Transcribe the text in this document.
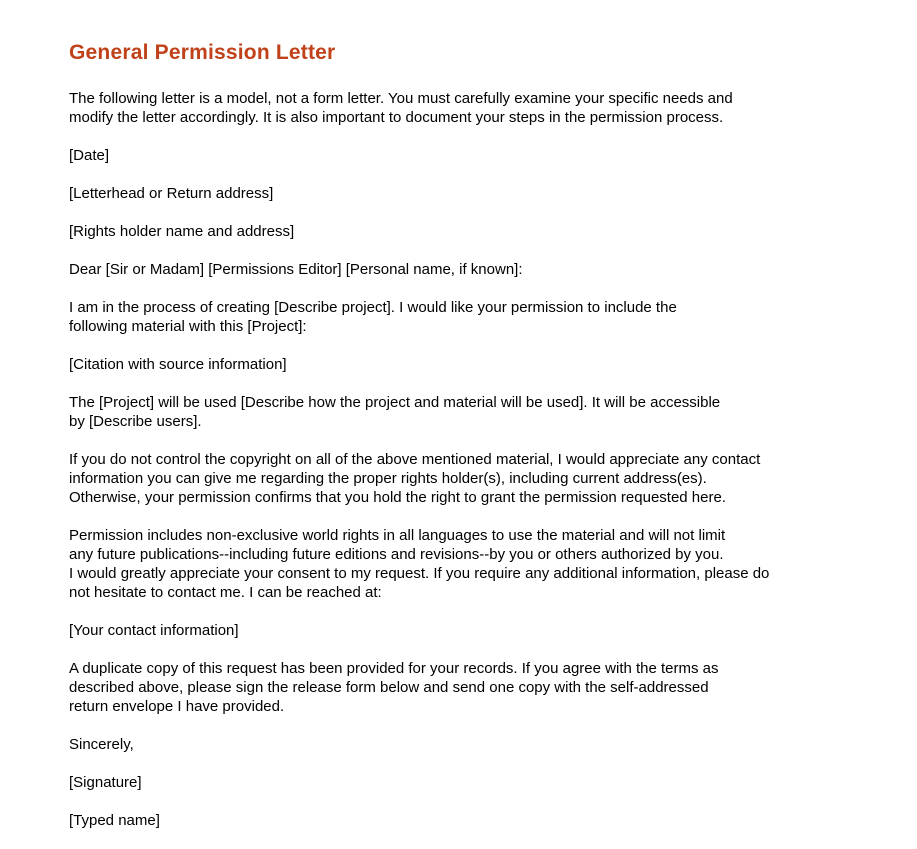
General Permission Letter
The following letter is a model, not a form letter. You must carefully examine your specific needs and
modify the letter accordingly. It is also important to document your steps in the permission process.
[Date]
[Letterhead or Return address]
[Rights holder name and address]
Dear [Sir or Madam] [Permissions Editor] [Personal name, if known]:
I am in the process of creating [Describe project]. I would like your permission to include the
following material with this [Project]:
[Citation with source information]
The [Project] will be used [Describe how the project and material will be used]. It will be accessible
by [Describe users].
If you do not control the copyright on all of the above mentioned material, I would appreciate any contact
information you can give me regarding the proper rights holder(s), including current address(es).
Otherwise, your permission confirms that you hold the right to grant the permission requested here.
Permission includes non-exclusive world rights in all languages to use the material and will not limit
any future publications--including future editions and revisions--by you or others authorized by you.
I would greatly appreciate your consent to my request. If you require any additional information, please do
not hesitate to contact me. I can be reached at:
[Your contact information]
A duplicate copy of this request has been provided for your records. If you agree with the terms as
described above, please sign the release form below and send one copy with the self-addressed
return envelope I have provided.
Sincerely,
[Signature]
[Typed name]
